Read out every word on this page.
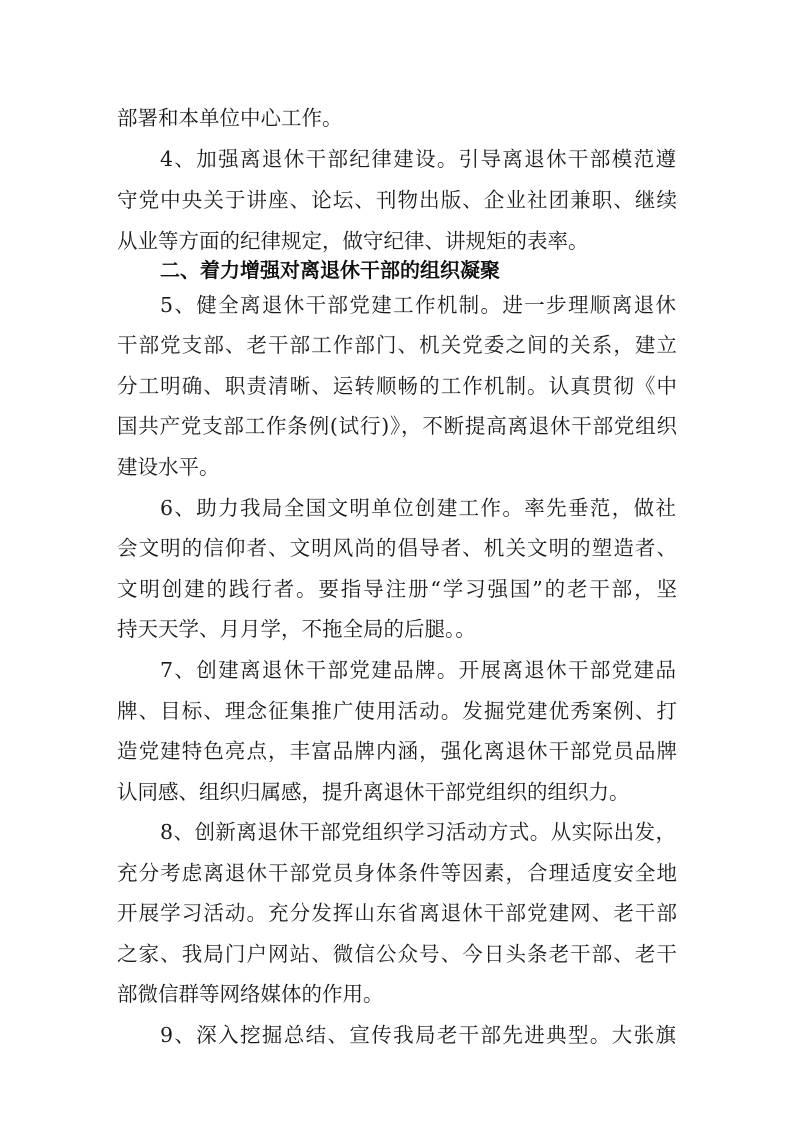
部署和本单位中心工作。
4、加强离退休干部纪律建设。引导离退休干部模范遵
守党中央关于讲座、论坛、刊物出版、企业社团兼职、继续
从业等方面的纪律规定，做守纪律、讲规矩的表率。
二、着力增强对离退休干部的组织凝聚
5、健全离退休干部党建工作机制。进一步理顺离退休
干部党支部、老干部工作部门、机关党委之间的关系，建立
分工明确、职责清晰、运转顺畅的工作机制。认真贯彻《中
国共产党支部工作条例(试行)》，不断提高离退休干部党组织
建设水平。
6、助力我局全国文明单位创建工作。率先垂范，做社
会文明的信仰者、文明风尚的倡导者、机关文明的塑造者、
文明创建的践行者。要指导注册“学习强国”的老干部，坚
持天天学、月月学，不拖全局的后腿。。
7、创建离退休干部党建品牌。开展离退休干部党建品
牌、目标、理念征集推广使用活动。发掘党建优秀案例、打
造党建特色亮点，丰富品牌内涵，强化离退休干部党员品牌
认同感、组织归属感，提升离退休干部党组织的组织力。
8、创新离退休干部党组织学习活动方式。从实际出发，
充分考虑离退休干部党员身体条件等因素，合理适度安全地
开展学习活动。充分发挥山东省离退休干部党建网、老干部
之家、我局门户网站、微信公众号、今日头条老干部、老干
部微信群等网络媒体的作用。
9、深入挖掘总结、宣传我局老干部先进典型。大张旗
